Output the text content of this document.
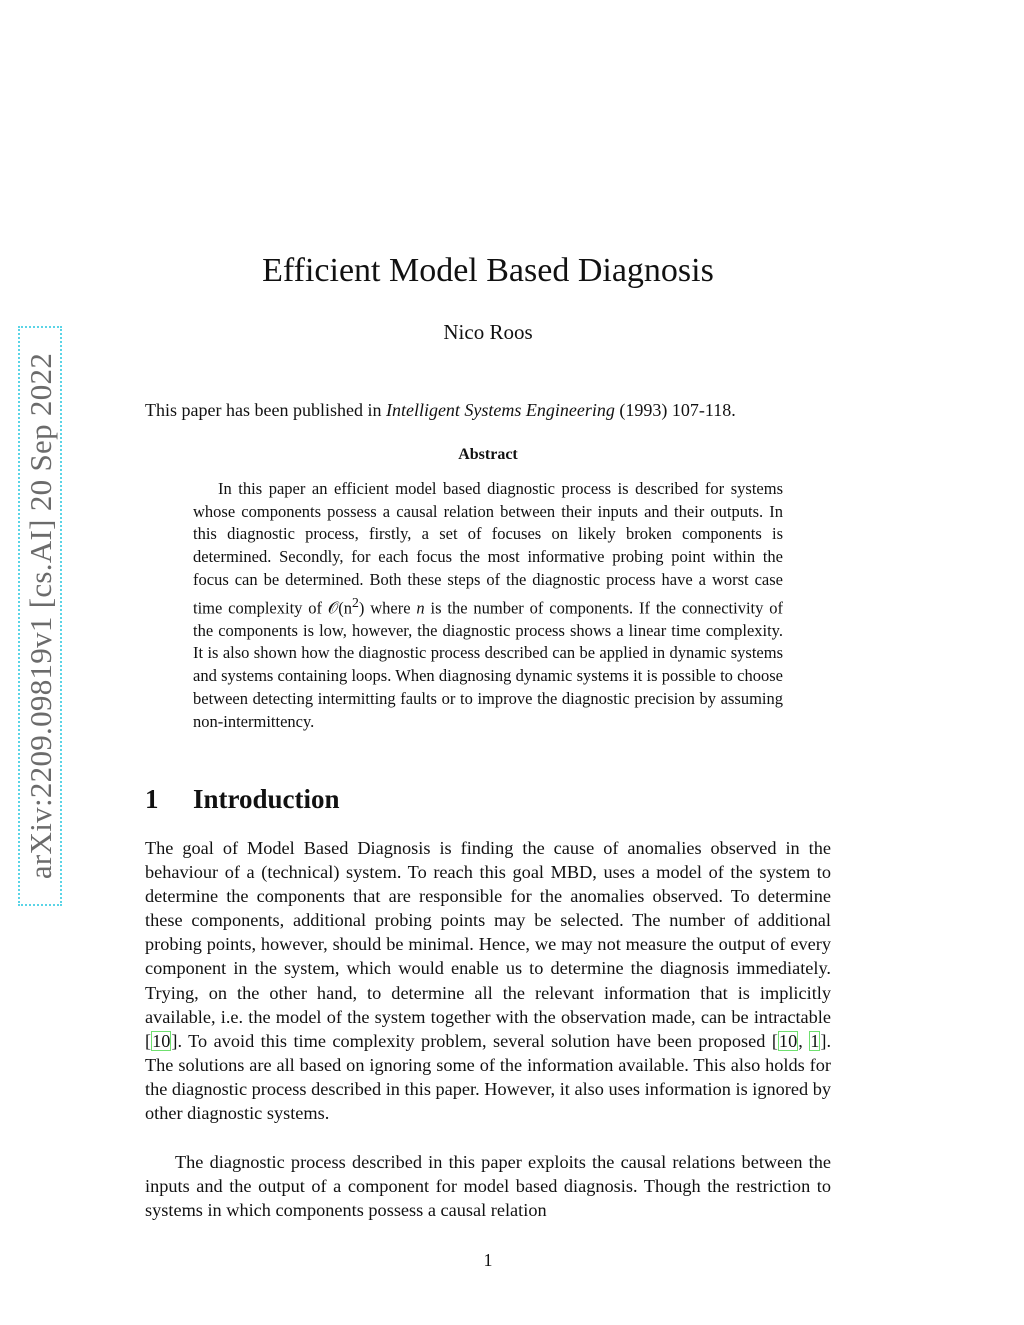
arXiv:2209.09819v1 [cs.AI] 20 Sep 2022
Efficient Model Based Diagnosis
Nico Roos
This paper has been published in Intelligent Systems Engineering (1993) 107-118.
Abstract

In this paper an efficient model based diagnostic process is described for systems whose components possess a causal relation between their inputs and their outputs. In this diagnostic process, firstly, a set of focuses on likely broken components is determined. Secondly, for each focus the most informative probing point within the focus can be determined. Both these steps of the diagnostic process have a worst case time complexity of $𝒪(n^2)$ where n is the number of components. If the connectivity of the components is low, however, the diagnostic process shows a linear time complexity. It is also shown how the diagnostic process described can be applied in dynamic systems and systems containing loops. When diagnosing dynamic systems it is possible to choose between detecting intermitting faults or to improve the diagnostic precision by assuming non-intermittency.

1 Introduction

The goal of Model Based Diagnosis is finding the cause of anomalies observed in the behaviour of a (technical) system. To reach this goal MBD, uses a model of the system to determine the components that are responsible for the anomalies observed. To determine these components, additional probing points may be selected. The number of additional probing points, however, should be minimal. Hence, we may not measure the output of every component in the system, which would enable us to determine the diagnosis immediately. Trying, on the other hand, to determine all the relevant information that is implicitly available, i.e. the model of the system together with the observation made, can be intractable [10]. To avoid this time complexity problem, several solution have been proposed [10, 1]. The solutions are all based on ignoring some of the information available. This also holds for the diagnostic process described in this paper. However, it also uses information is ignored by other diagnostic systems.

The diagnostic process described in this paper exploits the causal relations between the inputs and the output of a component for model based diagnosis. Though the restriction to systems in which components possess a causal relation

1
